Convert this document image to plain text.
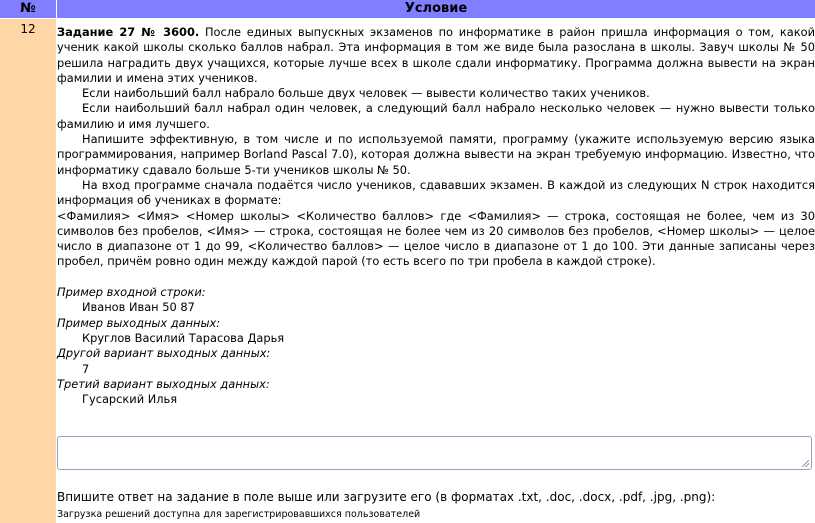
№	Условие
12	Задание 27 № 3600. После единых выпускных экзаменов по информатике в район пришла информация о том, какой ученик какой школы сколько баллов набрал. Эта информация в том же виде была разослана в школы. Завуч школы № 50 решила наградить двух учащихся, которые лучше всех в школе сдали информатику. Программа должна вывести на экран фамилии и имена этих учеников.

Если наибольший балл набрало больше двух человек — вывести количество таких учеников.

Если наибольший балл набрал один человек, а следующий балл набрало несколько человек — нужно вывести только фамилию и имя лучшего.

Напишите эффективную, в том числе и по используемой памяти, программу (укажите используемую версию языка программирования, например Borland Pascal 7.0), которая должна вывести на экран требуемую информацию. Известно, что информатику сдавало больше 5-ти учеников школы № 50.

На вход программе сначала подаётся число учеников, сдававших экзамен. В каждой из следующих N строк находится информация об учениках в формате:

<Фамилия> <Имя> <Номер школы> <Количество баллов> где <Фамилия> — строка, состоящая не более, чем из 30 символов без пробелов, <Имя> — строка, состоящая не более чем из 20 символов без пробелов, <Номер школы> — целое число в диапазоне от 1 до 99, <Количество баллов> — целое число в диапазоне от 1 до 100. Эти данные записаны через пробел, причём ровно один между каждой парой (то есть всего по три пробела в каждой строке).

Пример входной строки:

Иванов Иван 50 87

Пример выходных данных:

Круглов Василий Тарасова Дарья

Другой вариант выходных данных:

7

Третий вариант выходных данных:

Гусарский Илья

Впишите ответ на задание в поле выше или загрузите его (в форматах .txt, .doc, .docx, .pdf, .jpg, .png):
Загрузка решений доступна для зарегистрировавшихся пользователей
